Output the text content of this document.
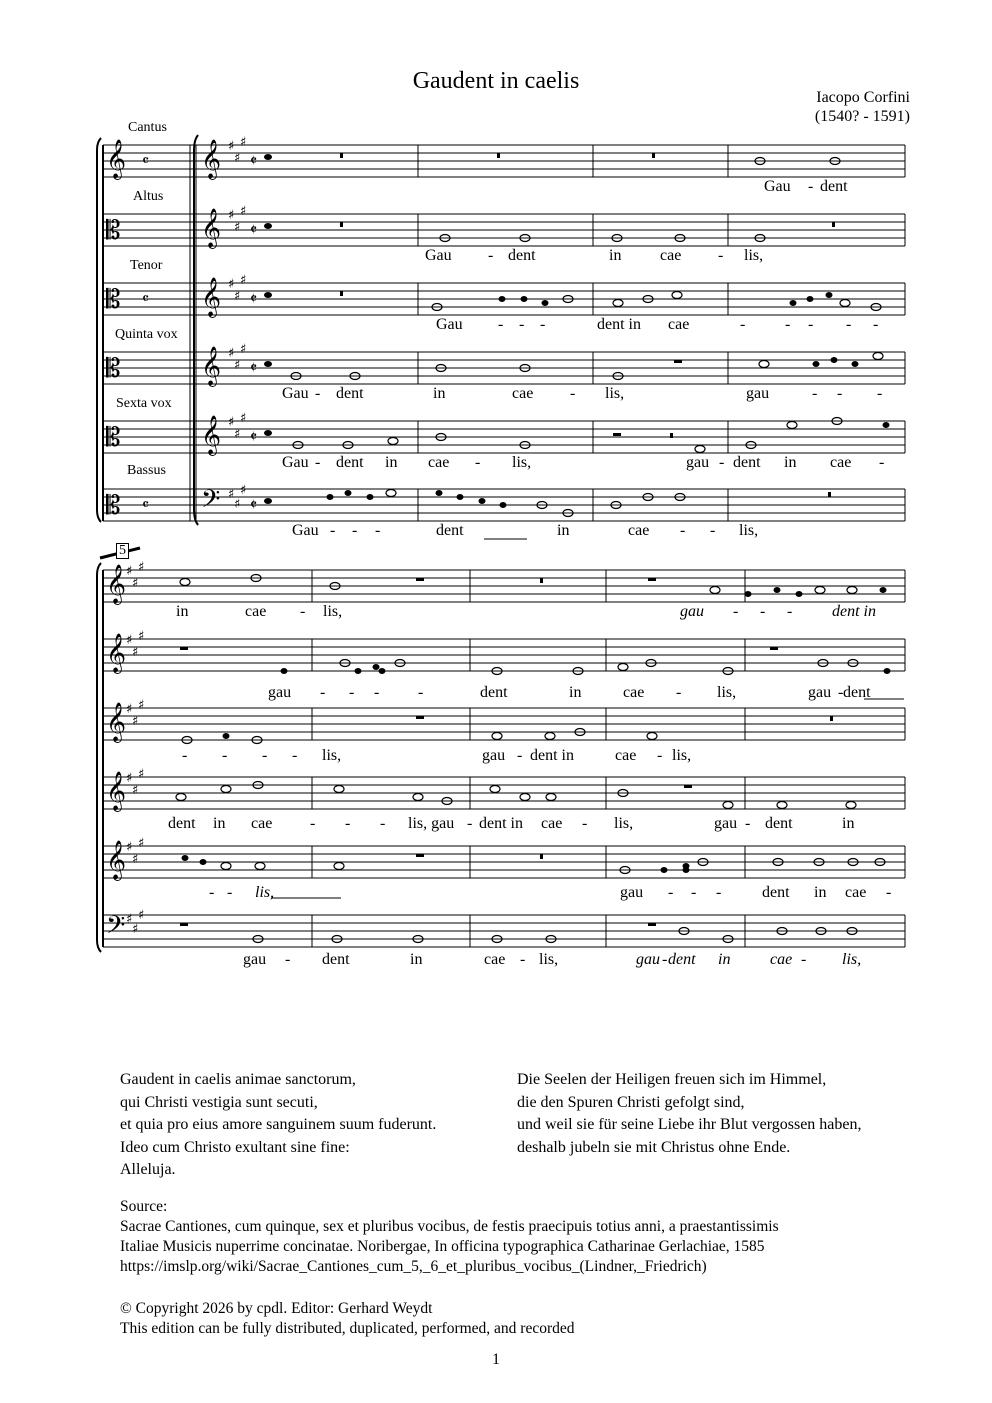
Gaudent in caelis
Iacopo Corfini
(1540? - 1591)
Cantus
Altus
Tenor
Quinta vox
Sexta vox
Bassus
𝄞 𝄞
𝄞
𝄞
𝄞
𝄞
𝄞
𝄞
𝄞
𝄞
𝄞
𝄡
𝄡
𝄡
𝄡
𝄡	𝄢
𝄢
♯
♯
♯
♯
♯
♯
♯
♯
♯
♯
♯
♯
♯
♯
♯
♯
♯
♯
♯
♯
♯
♯
♯
♯
♯
♯
♯
♯
♯
♯
♯
♯
♯
♯
♯
♯
𝄵
𝄵
𝄵
𝄵
𝄵
𝄵
𝄴
𝄴
𝄴
5
Gau - dent
Gau - dent	in cae - lis,
Gau - - -	dent in cae	- - - - -
Gau - dent	in	cae - lis,	gau	- - -
Gau - dent in cae - lis,	gau - dent in cae -
Gau - - -	dent	in	cae - - lis,
in	cae - lis,	gau - - - dent in
gau - - - -	dent	in	cae - lis,	gau - dent
- - - - lis,	gau - dent in	cae - lis,
dent in cae - - - lis, gau - dent in cae - lis,	gau - dent	in
- - lis,	gau - - -	dent in cae -
gau - dent	in	cae - lis,	gau - dent in cae - lis,
Gaudent in caelis animae sanctorum,
qui Christi vestigia sunt secuti,
et quia pro eius amore sanguinem suum fuderunt.
Ideo cum Christo exultant sine fine:
Alleluja.
Die Seelen der Heiligen freuen sich im Himmel,
die den Spuren Christi gefolgt sind,
und weil sie für seine Liebe ihr Blut vergossen haben,
deshalb jubeln sie mit Christus ohne Ende.
Source:
Sacrae Cantiones, cum quinque, sex et pluribus vocibus, de festis praecipuis totius anni, a praestantissimis
Italiae Musicis nuperrime concinatae. Noribergae, In officina typographica Catharinae Gerlachiae, 1585
https://imslp.org/wiki/Sacrae_Cantiones_cum_5,_6_et_pluribus_vocibus_(Lindner,_Friedrich)
© Copyright 2026 by cpdl. Editor: Gerhard Weydt
This edition can be fully distributed, duplicated, performed, and recorded
1
